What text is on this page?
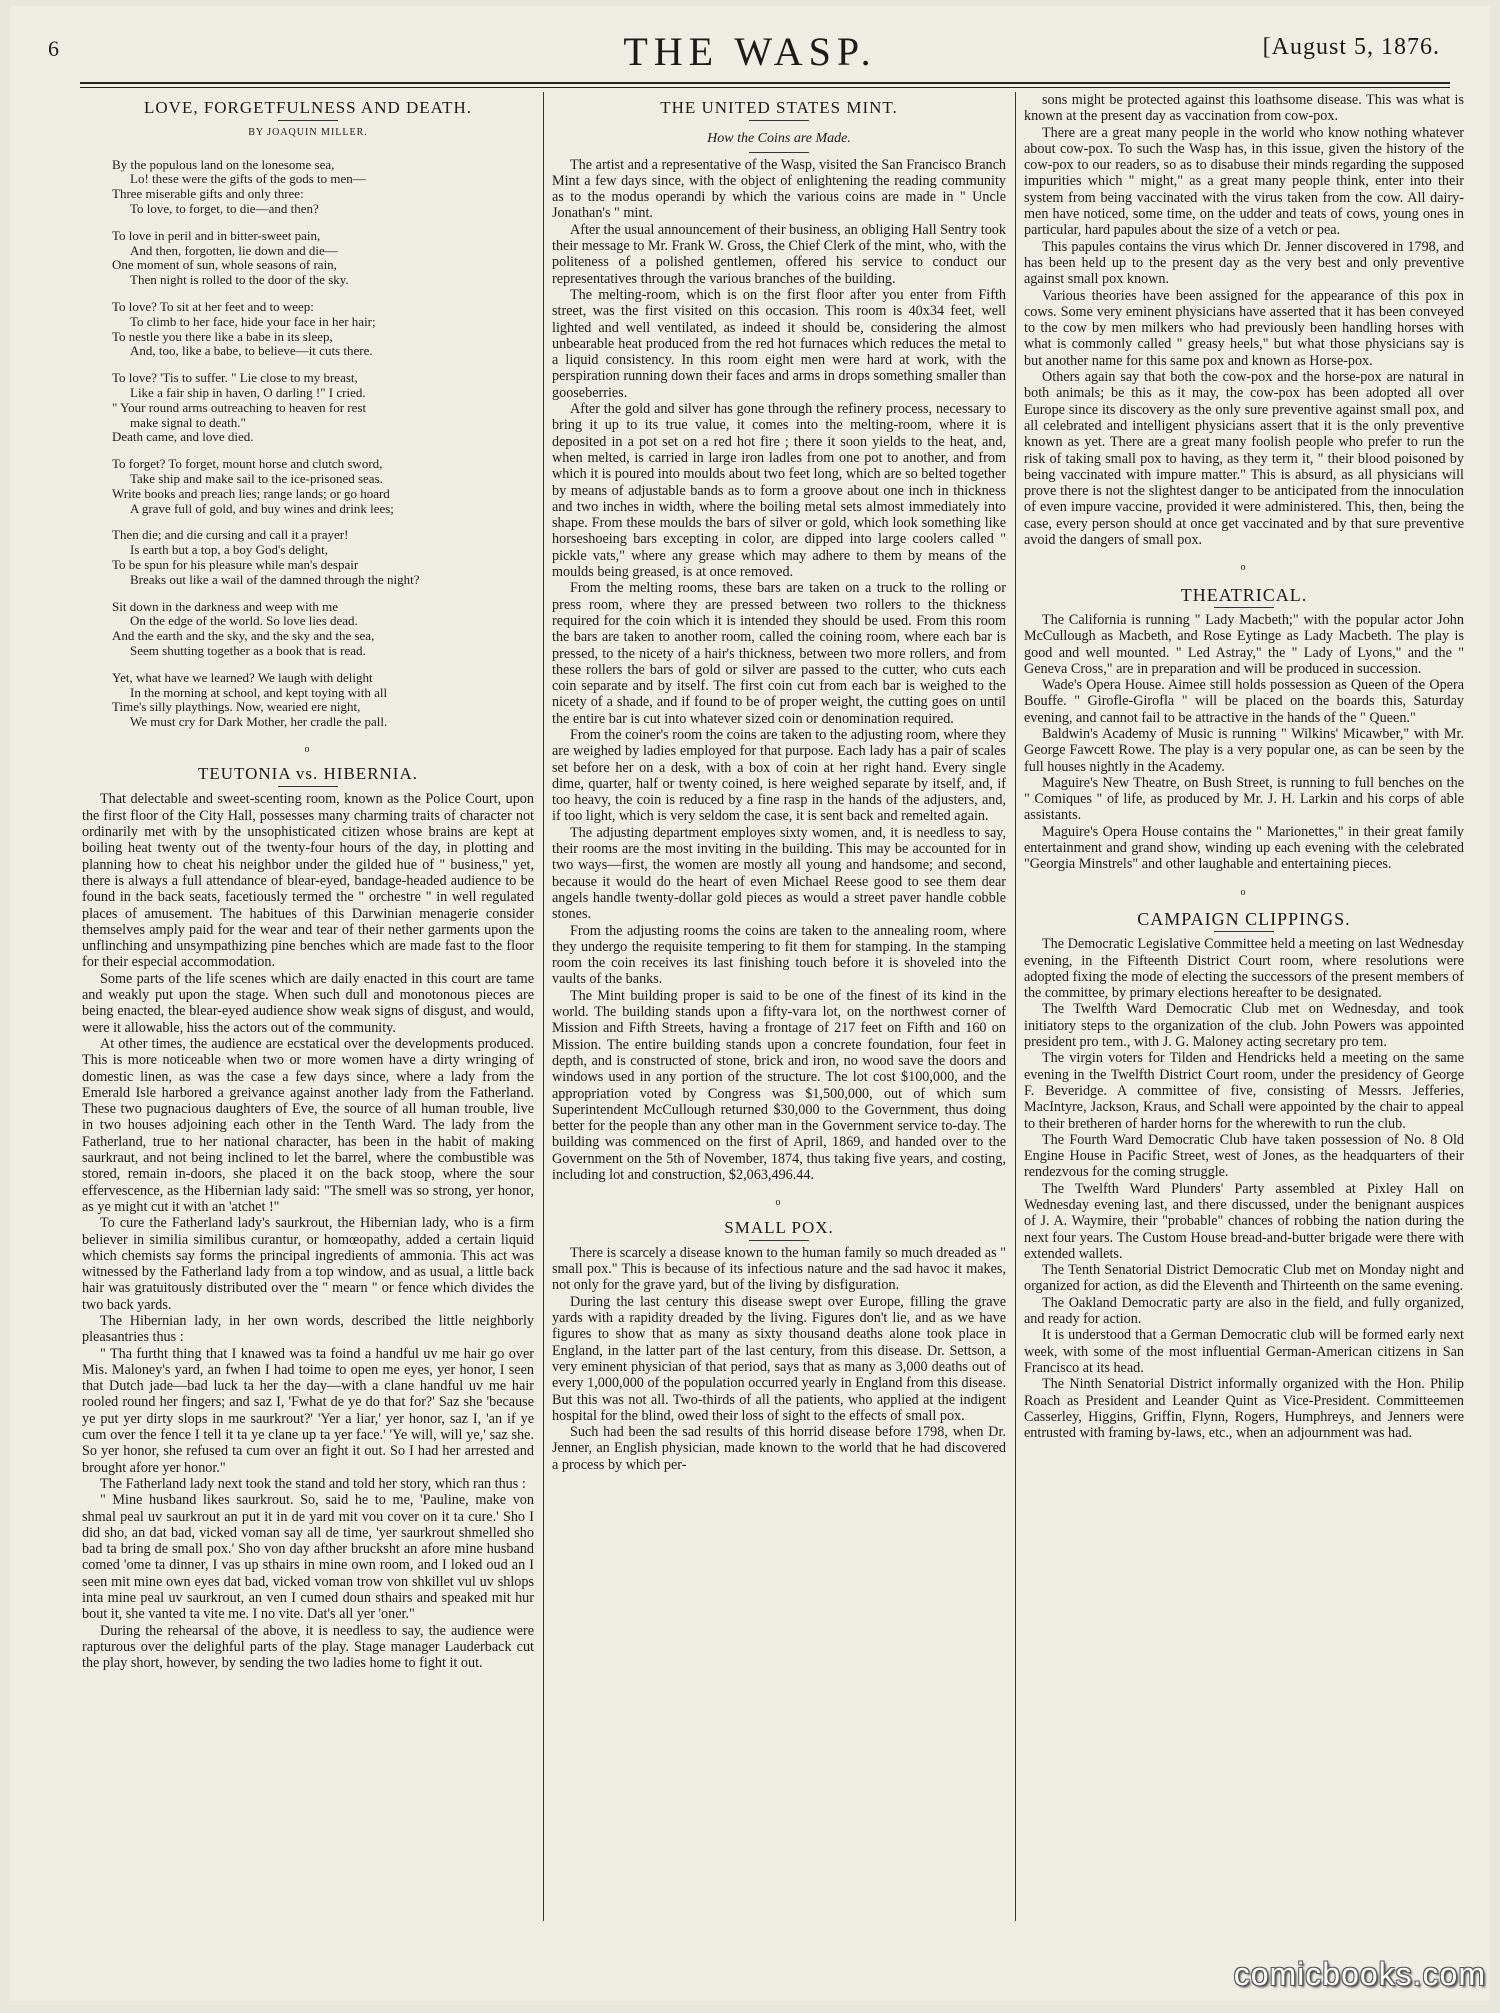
6	THE WASP.	[August 5, 1876.
LOVE, FORGETFULNESS AND DEATH.
BY JOAQUIN MILLER.
By the populous land on the lonesome sea,
Lo! these were the gifts of the gods to men—
Three miserable gifts and only three:
To love, to forget, to die—and then?
To love in peril and in bitter-sweet pain,
And then, forgotten, lie down and die—
One moment of sun, whole seasons of rain,
Then night is rolled to the door of the sky.
To love? To sit at her feet and to weep:
To climb to her face, hide your face in her hair;
To nestle you there like a babe in its sleep,
And, too, like a babe, to believe—it cuts there.
To love? 'Tis to suffer. " Lie close to my breast,
Like a fair ship in haven, O darling !" I cried.
" Your round arms outreaching to heaven for rest
make signal to death."
Death came, and love died.
To forget? To forget, mount horse and clutch sword,
Take ship and make sail to the ice-prisoned seas.
Write books and preach lies; range lands; or go hoard
A grave full of gold, and buy wines and drink lees;
Then die; and die cursing and call it a prayer!
Is earth but a top, a boy God's delight,
To be spun for his pleasure while man's despair
Breaks out like a wail of the damned through the night?
Sit down in the darkness and weep with me
On the edge of the world. So love lies dead.
And the earth and the sky, and the sky and the sea,
Seem shutting together as a book that is read.
Yet, what have we learned? We laugh with delight
In the morning at school, and kept toying with all
Time's silly playthings. Now, wearied ere night,
We must cry for Dark Mother, her cradle the pall.
o
TEUTONIA vs. HIBERNIA.

That delectable and sweet-scenting room, known as the Police Court, upon the first floor of the City Hall, possesses many charming traits of character not ordinarily met with by the unsophisticated citizen whose brains are kept at boiling heat twenty out of the twenty-four hours of the day, in plotting and planning how to cheat his neighbor under the gilded hue of " business," yet, there is always a full attendance of blear-eyed, bandage-headed audience to be found in the back seats, facetiously termed the " orchestre " in well regulated places of amusement. The habitues of this Darwinian menagerie consider themselves amply paid for the wear and tear of their nether garments upon the unflinching and unsympathizing pine benches which are made fast to the floor for their especial accommodation.

Some parts of the life scenes which are daily enacted in this court are tame and weakly put upon the stage. When such dull and monotonous pieces are being enacted, the blear-eyed audience show weak signs of disgust, and would, were it allowable, hiss the actors out of the community.

At other times, the audience are ecstatical over the developments produced. This is more noticeable when two or more women have a dirty wringing of domestic linen, as was the case a few days since, where a lady from the Emerald Isle harbored a greivance against another lady from the Fatherland. These two pugnacious daughters of Eve, the source of all human trouble, live in two houses adjoining each other in the Tenth Ward. The lady from the Fatherland, true to her national character, has been in the habit of making saurkraut, and not being inclined to let the barrel, where the combustible was stored, remain in-doors, she placed it on the back stoop, where the sour effervescence, as the Hibernian lady said: "The smell was so strong, yer honor, as ye might cut it with an 'atchet !"

To cure the Fatherland lady's saurkrout, the Hibernian lady, who is a firm believer in similia similibus curantur, or homœopathy, added a certain liquid which chemists say forms the principal ingredients of ammonia. This act was witnessed by the Fatherland lady from a top window, and as usual, a little back hair was gratuitously distributed over the " mearn " or fence which divides the two back yards.

The Hibernian lady, in her own words, described the little neighborly pleasantries thus :

" Tha furtht thing that I knawed was ta foind a handful uv me hair go over Mis. Maloney's yard, an fwhen I had toime to open me eyes, yer honor, I seen that Dutch jade—bad luck ta her the day—with a clane handful uv me hair rooled round her fingers; and saz I, 'Fwhat de ye do that for?' Saz she 'because ye put yer dirty slops in me saurkrout?' 'Yer a liar,' yer honor, saz I, 'an if ye cum over the fence I tell it ta ye clane up ta yer face.' 'Ye will, will ye,' saz she. So yer honor, she refused ta cum over an fight it out. So I had her arrested and brought afore yer honor."

The Fatherland lady next took the stand and told her story, which ran thus :

" Mine husband likes saurkrout. So, said he to me, 'Pauline, make von shmal peal uv saurkrout an put it in de yard mit vou cover on it ta cure.' Sho I did sho, an dat bad, vicked voman say all de time, 'yer saurkrout shmelled sho bad ta bring de small pox.' Sho von day afther brucksht an afore mine husband comed 'ome ta dinner, I vas up sthairs in mine own room, and I loked oud an I seen mit mine own eyes dat bad, vicked voman trow von shkillet vul uv shlops inta mine peal uv saurkrout, an ven I cumed doun sthairs and speaked mit hur bout it, she vanted ta vite me. I no vite. Dat's all yer 'oner."

During the rehearsal of the above, it is needless to say, the audience were rapturous over the delighful parts of the play. Stage manager Lauderback cut the play short, however, by sending the two ladies home to fight it out.

THE UNITED STATES MINT.
How the Coins are Made.

The artist and a representative of the Wasp, visited the San Francisco Branch Mint a few days since, with the object of enlightening the reading community as to the modus operandi by which the various coins are made in " Uncle Jonathan's " mint.

After the usual announcement of their business, an obliging Hall Sentry took their message to Mr. Frank W. Gross, the Chief Clerk of the mint, who, with the politeness of a polished gentlemen, offered his service to conduct our representatives through the various branches of the building.

The melting-room, which is on the first floor after you enter from Fifth street, was the first visited on this occasion. This room is 40x34 feet, well lighted and well ventilated, as indeed it should be, considering the almost unbearable heat produced from the red hot furnaces which reduces the metal to a liquid consistency. In this room eight men were hard at work, with the perspiration running down their faces and arms in drops something smaller than gooseberries.

After the gold and silver has gone through the refinery process, necessary to bring it up to its true value, it comes into the melting-room, where it is deposited in a pot set on a red hot fire ; there it soon yields to the heat, and, when melted, is carried in large iron ladles from one pot to another, and from which it is poured into moulds about two feet long, which are so belted together by means of adjustable bands as to form a groove about one inch in thickness and two inches in width, where the boiling metal sets almost immediately into shape. From these moulds the bars of silver or gold, which look something like horseshoeing bars excepting in color, are dipped into large coolers called " pickle vats," where any grease which may adhere to them by means of the moulds being greased, is at once removed.

From the melting rooms, these bars are taken on a truck to the rolling or press room, where they are pressed between two rollers to the thickness required for the coin which it is intended they should be used. From this room the bars are taken to another room, called the coining room, where each bar is pressed, to the nicety of a hair's thickness, between two more rollers, and from these rollers the bars of gold or silver are passed to the cutter, who cuts each coin separate and by itself. The first coin cut from each bar is weighed to the nicety of a shade, and if found to be of proper weight, the cutting goes on until the entire bar is cut into whatever sized coin or denomination required.

From the coiner's room the coins are taken to the adjusting room, where they are weighed by ladies employed for that purpose. Each lady has a pair of scales set before her on a desk, with a box of coin at her right hand. Every single dime, quarter, half or twenty coined, is here weighed separate by itself, and, if too heavy, the coin is reduced by a fine rasp in the hands of the adjusters, and, if too light, which is very seldom the case, it is sent back and remelted again.

The adjusting department employes sixty women, and, it is needless to say, their rooms are the most inviting in the building. This may be accounted for in two ways—first, the women are mostly all young and handsome; and second, because it would do the heart of even Michael Reese good to see them dear angels handle twenty-dollar gold pieces as would a street paver handle cobble stones.

From the adjusting rooms the coins are taken to the annealing room, where they undergo the requisite tempering to fit them for stamping. In the stamping room the coin receives its last finishing touch before it is shoveled into the vaults of the banks.

The Mint building proper is said to be one of the finest of its kind in the world. The building stands upon a fifty-vara lot, on the northwest corner of Mission and Fifth Streets, having a frontage of 217 feet on Fifth and 160 on Mission. The entire building stands upon a concrete foundation, four feet in depth, and is constructed of stone, brick and iron, no wood save the doors and windows used in any portion of the structure. The lot cost $100,000, and the appropriation voted by Congress was $1,500,000, out of which sum Superintendent McCullough returned $30,000 to the Government, thus doing better for the people than any other man in the Government service to-day. The building was commenced on the first of April, 1869, and handed over to the Government on the 5th of November, 1874, thus taking five years, and costing, including lot and construction, $2,063,496.44.

o
SMALL POX.

There is scarcely a disease known to the human family so much dreaded as " small pox." This is because of its infectious nature and the sad havoc it makes, not only for the grave yard, but of the living by disfiguration.

During the last century this disease swept over Europe, filling the grave yards with a rapidity dreaded by the living. Figures don't lie, and as we have figures to show that as many as sixty thousand deaths alone took place in England, in the latter part of the last century, from this disease. Dr. Settson, a very eminent physician of that period, says that as many as 3,000 deaths out of every 1,000,000 of the population occurred yearly in England from this disease. But this was not all. Two-thirds of all the patients, who applied at the indigent hospital for the blind, owed their loss of sight to the effects of small pox.

Such had been the sad results of this horrid disease before 1798, when Dr. Jenner, an English physician, made known to the world that he had discovered a process by which per-

sons might be protected against this loathsome disease. This was what is known at the present day as vaccination from cow-pox.

There are a great many people in the world who know nothing whatever about cow-pox. To such the Wasp has, in this issue, given the history of the cow-pox to our readers, so as to disabuse their minds regarding the supposed impurities which " might," as a great many people think, enter into their system from being vaccinated with the virus taken from the cow. All dairy-men have noticed, some time, on the udder and teats of cows, young ones in particular, hard papules about the size of a vetch or pea.

This papules contains the virus which Dr. Jenner discovered in 1798, and has been held up to the present day as the very best and only preventive against small pox known.

Various theories have been assigned for the appearance of this pox in cows. Some very eminent physicians have asserted that it has been conveyed to the cow by men milkers who had previously been handling horses with what is commonly called " greasy heels," but what those physicians say is but another name for this same pox and known as Horse-pox.

Others again say that both the cow-pox and the horse-pox are natural in both animals; be this as it may, the cow-pox has been adopted all over Europe since its discovery as the only sure preventive against small pox, and all celebrated and intelligent physicians assert that it is the only preventive known as yet. There are a great many foolish people who prefer to run the risk of taking small pox to having, as they term it, " their blood poisoned by being vaccinated with impure matter." This is absurd, as all physicians will prove there is not the slightest danger to be anticipated from the innoculation of even impure vaccine, provided it were administered. This, then, being the case, every person should at once get vaccinated and by that sure preventive avoid the dangers of small pox.

o
THEATRICAL.

The California is running " Lady Macbeth;" with the popular actor John McCullough as Macbeth, and Rose Eytinge as Lady Macbeth. The play is good and well mounted. " Led Astray," the " Lady of Lyons," and the " Geneva Cross," are in preparation and will be produced in succession.

Wade's Opera House. Aimee still holds possession as Queen of the Opera Bouffe. " Girofle-Girofla " will be placed on the boards this, Saturday evening, and cannot fail to be attractive in the hands of the " Queen."

Baldwin's Academy of Music is running " Wilkins' Micawber," with Mr. George Fawcett Rowe. The play is a very popular one, as can be seen by the full houses nightly in the Academy.

Maguire's New Theatre, on Bush Street, is running to full benches on the " Comiques " of life, as produced by Mr. J. H. Larkin and his corps of able assistants.

Maguire's Opera House contains the " Marionettes," in their great family entertainment and grand show, winding up each evening with the celebrated "Georgia Minstrels" and other laughable and entertaining pieces.

o
CAMPAIGN CLIPPINGS.

The Democratic Legislative Committee held a meeting on last Wednesday evening, in the Fifteenth District Court room, where resolutions were adopted fixing the mode of electing the successors of the present members of the committee, by primary elections hereafter to be designated.

The Twelfth Ward Democratic Club met on Wednesday, and took initiatory steps to the organization of the club. John Powers was appointed president pro tem., with J. G. Maloney acting secretary pro tem.

The virgin voters for Tilden and Hendricks held a meeting on the same evening in the Twelfth District Court room, under the presidency of George F. Beveridge. A committee of five, consisting of Messrs. Jefferies, MacIntyre, Jackson, Kraus, and Schall were appointed by the chair to appeal to their bretheren of harder horns for the wherewith to run the club.

The Fourth Ward Democratic Club have taken possession of No. 8 Old Engine House in Pacific Street, west of Jones, as the headquarters of their rendezvous for the coming struggle.

The Twelfth Ward Plunders' Party assembled at Pixley Hall on Wednesday evening last, and there discussed, under the benignant auspices of J. A. Waymire, their "probable" chances of robbing the nation during the next four years. The Custom House bread-and-butter brigade were there with extended wallets.

The Tenth Senatorial District Democratic Club met on Monday night and organized for action, as did the Eleventh and Thirteenth on the same evening.

The Oakland Democratic party are also in the field, and fully organized, and ready for action.

It is understood that a German Democratic club will be formed early next week, with some of the most influential German-American citizens in San Francisco at its head.

The Ninth Senatorial District informally organized with the Hon. Philip Roach as President and Leander Quint as Vice-President. Committeemen Casserley, Higgins, Griffin, Flynn, Rogers, Humphreys, and Jenners were entrusted with framing by-laws, etc., when an adjournment was had.

comicbooks.com
